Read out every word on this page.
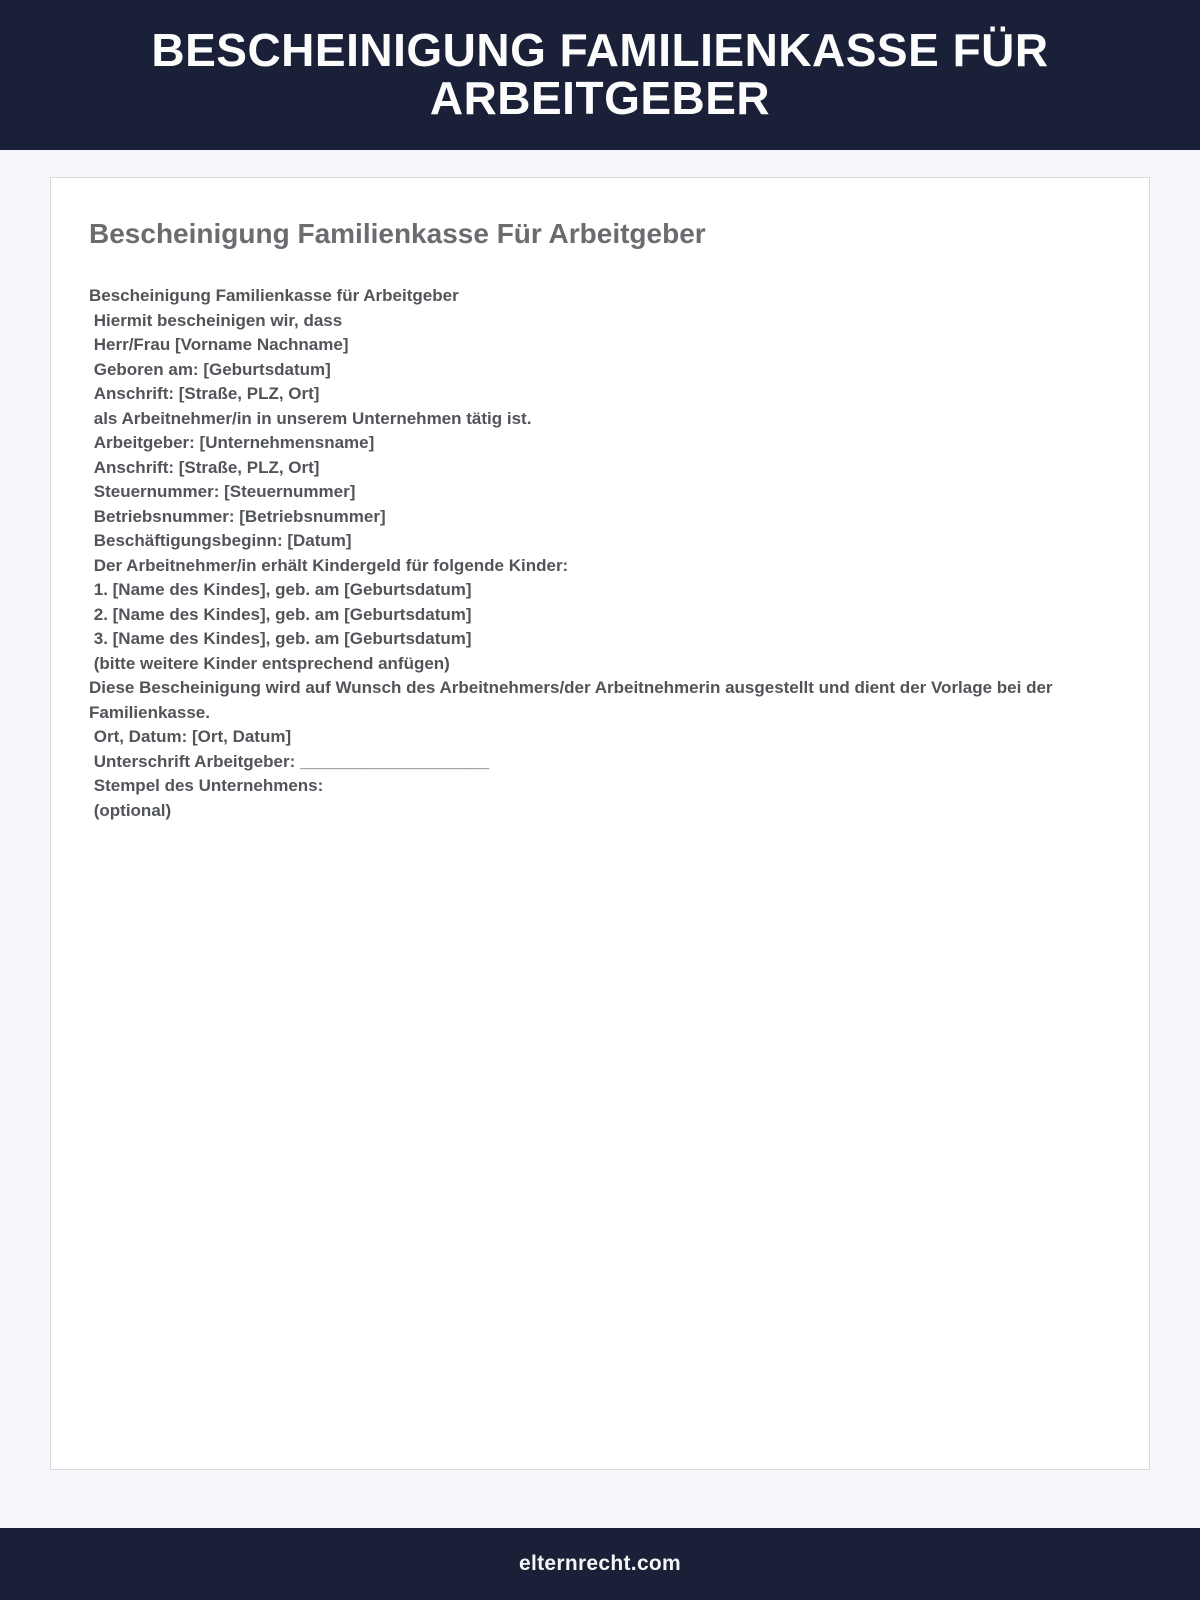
BESCHEINIGUNG FAMILIENKASSE FÜR ARBEITGEBER
Bescheinigung Familienkasse Für Arbeitgeber
Bescheinigung Familienkasse für Arbeitgeber
Hiermit bescheinigen wir, dass
Herr/Frau [Vorname Nachname]
Geboren am: [Geburtsdatum]
Anschrift: [Straße, PLZ, Ort]
als Arbeitnehmer/in in unserem Unternehmen tätig ist.
Arbeitgeber: [Unternehmensname]
Anschrift: [Straße, PLZ, Ort]
Steuernummer: [Steuernummer]
Betriebsnummer: [Betriebsnummer]
Beschäftigungsbeginn: [Datum]
Der Arbeitnehmer/in erhält Kindergeld für folgende Kinder:
1. [Name des Kindes], geb. am [Geburtsdatum]
2. [Name des Kindes], geb. am [Geburtsdatum]
3. [Name des Kindes], geb. am [Geburtsdatum]
(bitte weitere Kinder entsprechend anfügen)
Diese Bescheinigung wird auf Wunsch des Arbeitnehmers/der Arbeitnehmerin ausgestellt und dient der Vorlage bei der Familienkasse.
Ort, Datum: [Ort, Datum]
Unterschrift Arbeitgeber: ____________________
Stempel des Unternehmens:
(optional)
elternrecht.com
